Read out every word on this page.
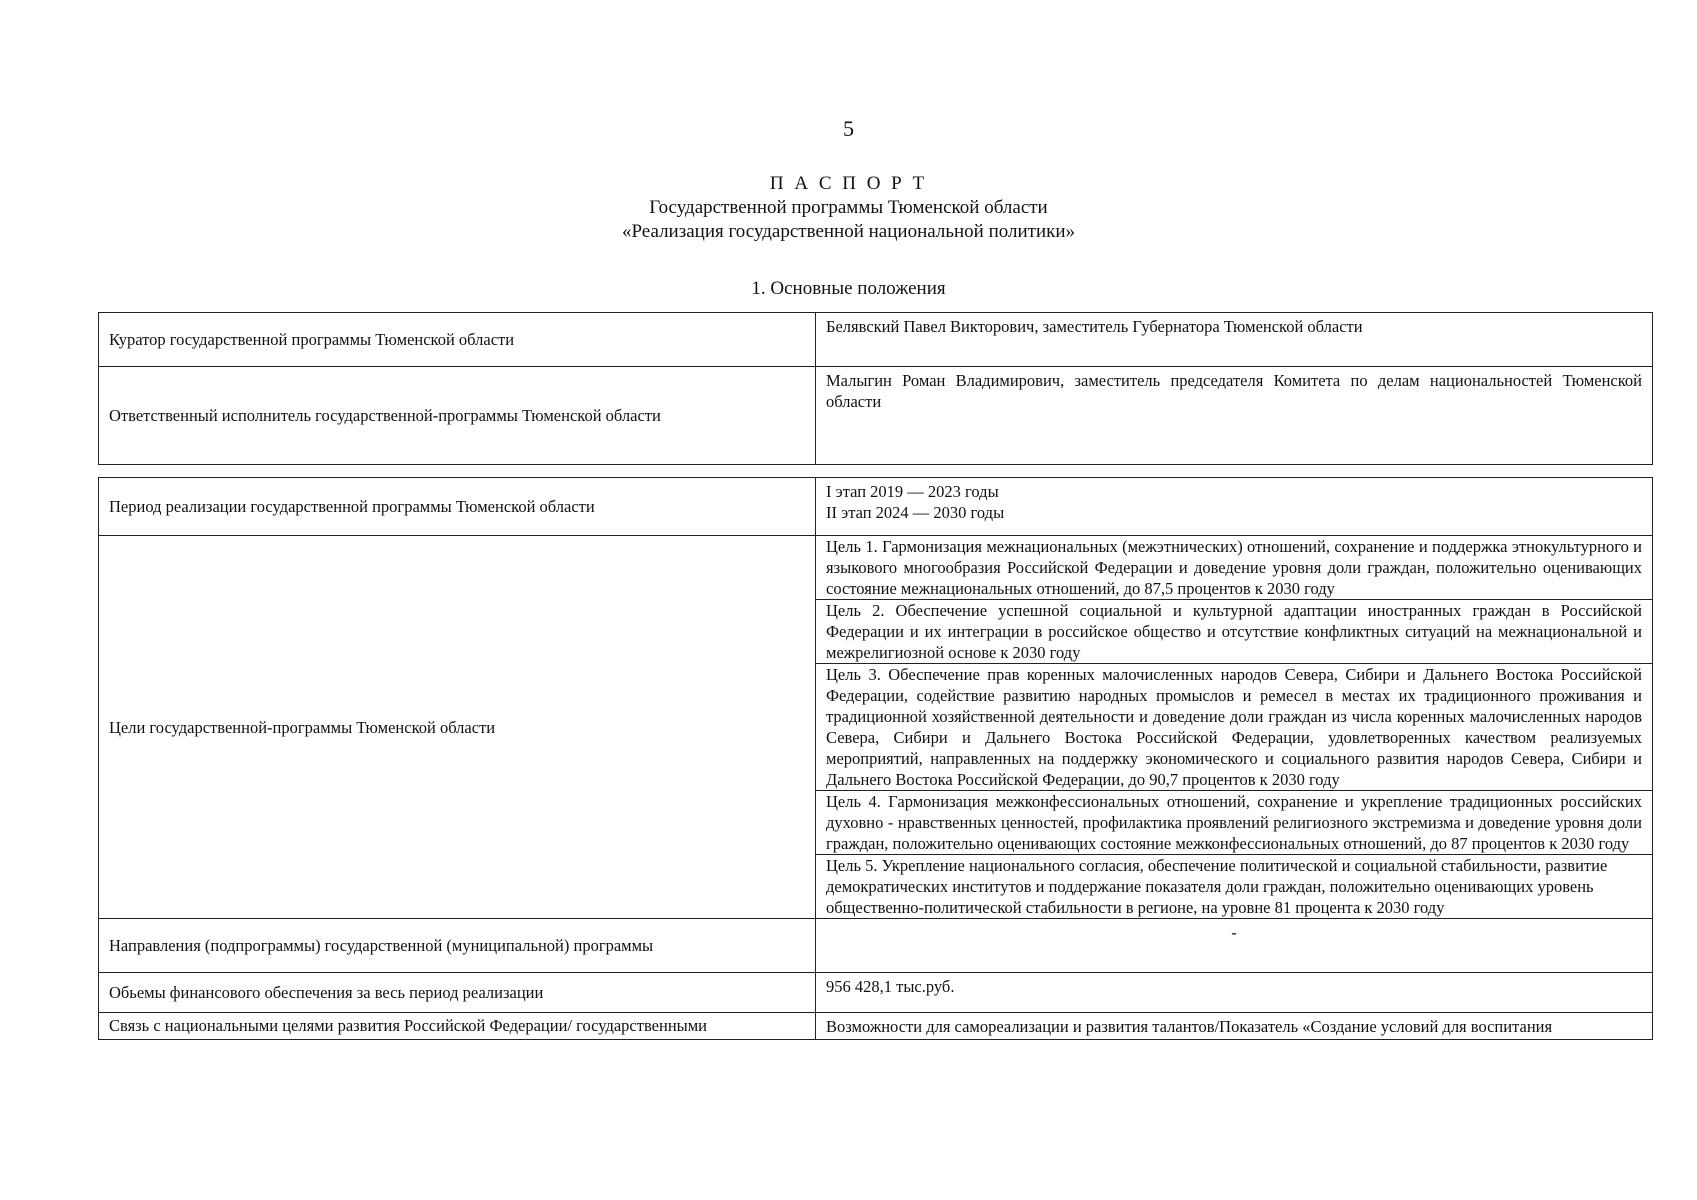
5
П А С П О Р Т
Государственной программы Тюменской области
«Реализация государственной национальной политики»
1. Основные положения
Куратор государственной программы Тюменской области	Белявский Павел Викторович, заместитель Губернатора Тюменской области
Ответственный исполнитель государственной-программы Тюменской области	Малыгин Роман Владимирович, заместитель председателя Комитета по делам национальностей Тюменской области
Период реализации государственной программы Тюменской области	I этап 2019 — 2023 годы
II этап 2024 — 2030 годы

Цели государственной-программы Тюменской области	Цель 1. Гармонизация межнациональных (межэтнических) отношений, сохранение и поддержка этнокультурного и языкового многообразия Российской Федерации и доведение уровня доли граждан, положительно оценивающих состояние межнациональных отношений, до 87,5 процентов к 2030 году
	Цель 2. Обеспечение успешной социальной и культурной адаптации иностранных граждан в Российской Федерации и их интеграции в российское общество и отсутствие конфликтных ситуаций на межнациональной и межрелигиозной основе к 2030 году
	Цель 3. Обеспечение прав коренных малочисленных народов Севера, Сибири и Дальнего Востока Российской Федерации, содействие развитию народных промыслов и ремесел в местах их традиционного проживания и традиционной хозяйственной деятельности и доведение доли граждан из числа коренных малочисленных народов Севера, Сибири и Дальнего Востока Российской Федерации, удовлетворенных качеством реализуемых мероприятий, направленных на поддержку экономического и социального развития народов Севера, Сибири и Дальнего Востока Российской Федерации, до 90,7 процентов к 2030 году
	Цель 4. Гармонизация межконфессиональных отношений, сохранение и укрепление традиционных российских духовно - нравственных ценностей, профилактика проявлений религиозного экстремизма и доведение уровня доли граждан, положительно оценивающих состояние межконфессиональных отношений, до 87 процентов к 2030 году
	Цель 5. Укрепление национального согласия, обеспечение политической и социальной стабильности, развитие демократических институтов и поддержание показателя доли граждан, положительно оценивающих уровень общественно-политической стабильности в регионе, на уровне 81 процента к 2030 году
Направления (подпрограммы) государственной (муниципальной) программы	-
Обьемы финансового обеспечения за весь период реализации	956 428,1 тыс.руб.
Связь с национальными целями развития Российской Федерации/ государственными	Возможности для самореализации и развития талантов/Показатель «Создание условий для воспитания
